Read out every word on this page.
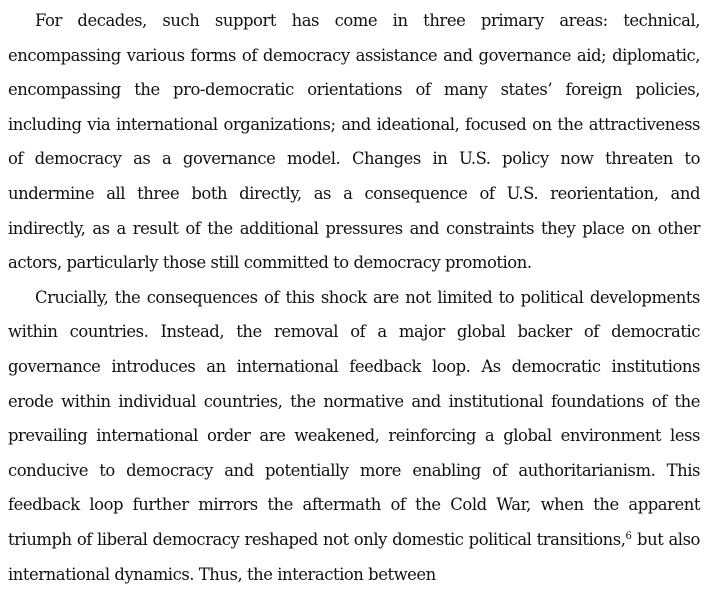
For decades, such support has come in three primary areas: technical, encompassing various forms of democracy assistance and governance aid; diplomatic, encompassing the pro-democratic orientations of many states’ foreign policies, including via international organizations; and ideational, focused on the attractiveness of democracy as a governance model. Changes in U.S. policy now threaten to undermine all three both directly, as a consequence of U.S. reorientation, and indirectly, as a result of the additional pressures and constraints they place on other actors, particularly those still committed to democracy promotion.

Crucially, the consequences of this shock are not limited to political developments within countries. Instead, the removal of a major global backer of democratic governance introduces an international feedback loop. As democratic institutions erode within individual countries, the normative and institutional foundations of the prevailing international order are weakened, reinforcing a global environment less conducive to democracy and potentially more enabling of authoritarianism. This feedback loop further mirrors the aftermath of the Cold War, when the apparent triumph of liberal democracy reshaped not only domestic political transitions,$^6$ but also international dynamics. Thus, the interaction between
